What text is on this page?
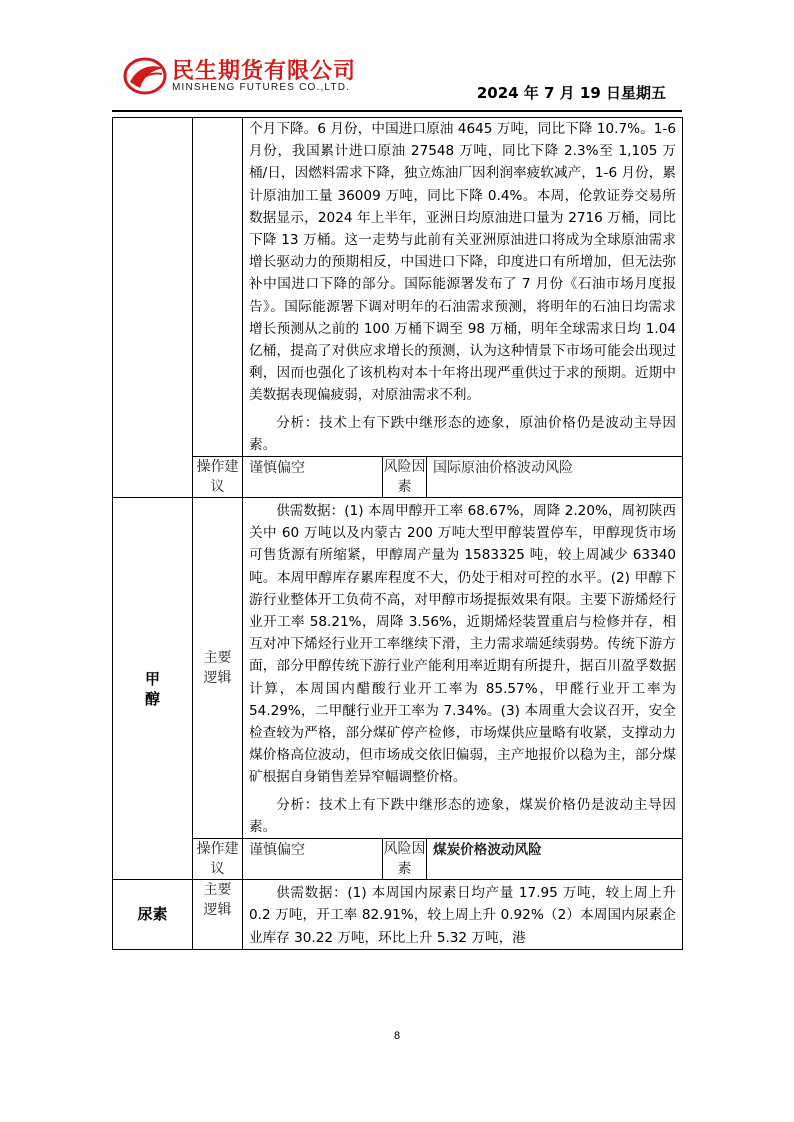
民生期货有限公司
MINSHENG FUTURES CO.,LTD.	2024 年 7 月 19 日星期五

		个月下降。6 月份，中国进口原油 4645 万吨，同比下降 10.7%。1-6 月份，我国累计进口原油 27548 万吨，同比下降 2.3%至 1,105 万桶/日，因燃料需求下降，独立炼油厂因利润率疲软减产，1-6 月份，累计原油加工量 36009 万吨，同比下降 0.4%。本周，伦敦证券交易所数据显示，2024 年上半年，亚洲日均原油进口量为 2716 万桶，同比下降 13 万桶。这一走势与此前有关亚洲原油进口将成为全球原油需求增长驱动力的预期相反，中国进口下降，印度进口有所增加，但无法弥补中国进口下降的部分。国际能源署发布了 7 月份《石油市场月度报告》。国际能源署下调对明年的石油需求预测，将明年的石油日均需求增长预测从之前的 100 万桶下调至 98 万桶，明年全球需求日均 1.04 亿桶，提高了对供应求增长的预测，认为这种情景下市场可能会出现过剩，因而也强化了该机构对本十年将出现严重供过于求的预期。近期中美数据表现偏疲弱，对原油需求不利。

分析：技术上有下跌中继形态的迹象，原油价格仍是波动主导因素。		

	操作建议	谨慎偏空	风险因素	国际原油价格波动风险

甲醇	主要逻辑	供需数据：(1) 本周甲醇开工率 68.67%，周降 2.20%，周初陕西关中 60 万吨以及内蒙古 200 万吨大型甲醇装置停车，甲醇现货市场可售货源有所缩紧，甲醇周产量为 1583325 吨，较上周减少 63340 吨。本周甲醇库存累库程度不大，仍处于相对可控的水平。(2) 甲醇下游行业整体开工负荷不高，对甲醇市场提振效果有限。主要下游烯烃行业开工率 58.21%，周降 3.56%，近期烯烃装置重启与检修并存，相互对冲下烯烃行业开工率继续下滑，主力需求端延续弱势。传统下游方面，部分甲醇传统下游行业产能利用率近期有所提升，据百川盈孚数据计算，本周国内醋酸行业开工率为 85.57%，甲醛行业开工率为 54.29%，二甲醚行业开工率为 7.34%。(3) 本周重大会议召开，安全检查较为严格，部分煤矿停产检修，市场煤供应量略有收紧，支撑动力煤价格高位波动，但市场成交依旧偏弱，主产地报价以稳为主，部分煤矿根据自身销售差异窄幅调整价格。

分析：技术上有下跌中继形态的迹象，煤炭价格仍是波动主导因素。		

	操作建议	谨慎偏空	风险因素	煤炭价格波动风险

尿素	主要逻辑	供需数据：(1) 本周国内尿素日均产量 17.95 万吨，较上周上升 0.2 万吨，开工率 82.91%，较上周上升 0.92%（2）本周国内尿素企业库存 30.22 万吨，环比上升 5.32 万吨，港		

8
